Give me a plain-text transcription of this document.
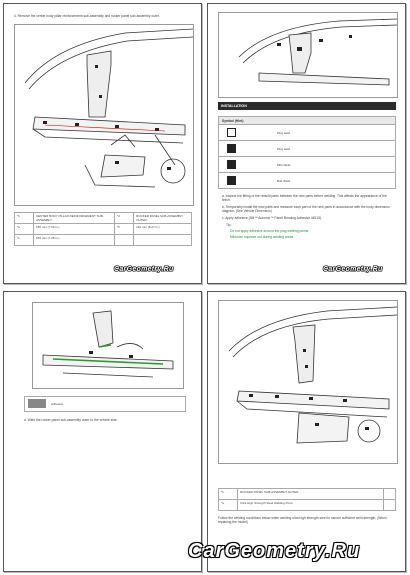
4. Remove the center body pillar reinforcement sub-assembly and rocker panel sub-assembly outer.
*1	CENTER BODY PILLAR REINFORCEMENT SUB-ASSEMBLY	*2	ROCKER PANEL SUB-ASSEMBLY OUTER
*a	180 mm (7.09 in.)	*b	210 mm (8.27 in.)
*c	155 mm (7.28 in.)		
CarGeometry.Ru
INSTALLATION
Symbol (Hint)
Plug weld
Plug weld
MIG Weld
Butt Weld
a. Inspect the fitting of the rebuild parts between the new parts before welding. This affects the appearance of the finish.
b. Temporarily install the new parts and measure each part of the new parts in accordance with the body dimension diagram. (See Vehicle Dimension)
c. Apply adhesive (3M™ Automix™ Panel Bonding Adhesive #8115).
Tip:
Do not apply adhesive around the plug welding points
Minimize squeeze out during welding areas
CarGeometry.Ru
Adhesive
d. Weld the rocker panel sub-assembly outer to the vehicle side.
*1	ROCKER PANEL SUB-ASSEMBLY OUTER	
*a	Ultra High Strength Steel Welding Point	
Follow the welding conditions below when welding ultra high strength steel to secure sufficient weld strength. (When replacing the model)
CarGeometry.Ru
